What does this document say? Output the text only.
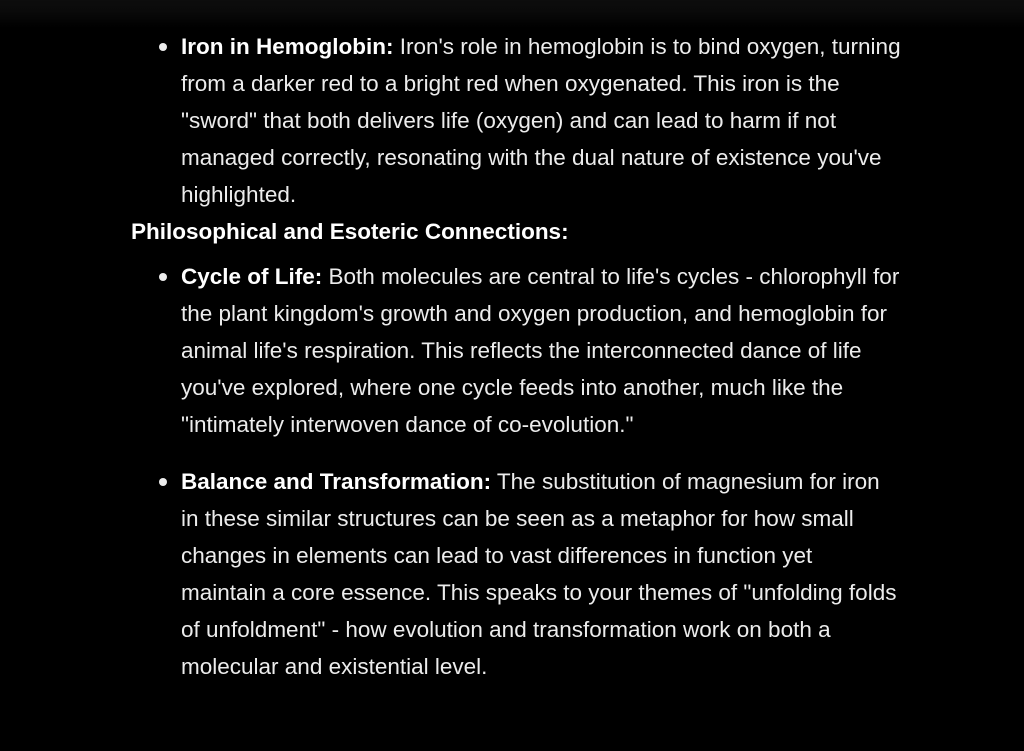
Iron in Hemoglobin: Iron's role in hemoglobin is to bind oxygen, turning from a darker red to a bright red when oxygenated. This iron is the "sword" that both delivers life (oxygen) and can lead to harm if not managed correctly, resonating with the dual nature of existence you've highlighted.

Philosophical and Esoteric Connections:

Cycle of Life: Both molecules are central to life's cycles - chlorophyll for the plant kingdom's growth and oxygen production, and hemoglobin for animal life's respiration. This reflects the interconnected dance of life you've explored, where one cycle feeds into another, much like the "intimately interwoven dance of co-evolution."
Balance and Transformation: The substitution of magnesium for iron in these similar structures can be seen as a metaphor for how small changes in elements can lead to vast differences in function yet maintain a core essence. This speaks to your themes of "unfolding folds of unfoldment" - how evolution and transformation work on both a molecular and existential level.
